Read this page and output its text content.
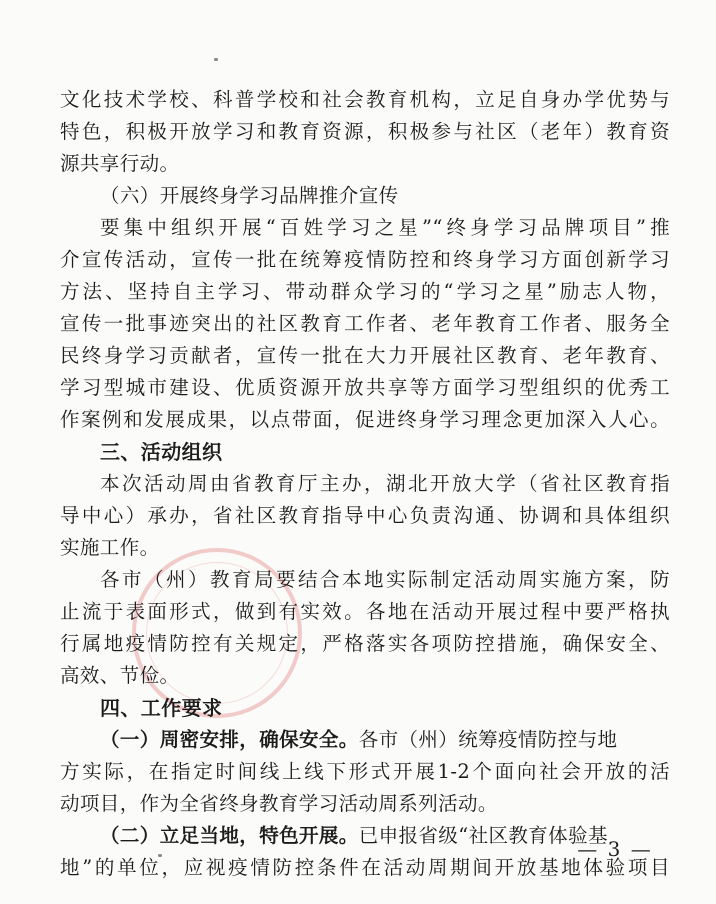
文化技术学校、科普学校和社会教育机构，立足自身办学优势与
特色，积极开放学习和教育资源，积极参与社区（老年）教育资
源共享行动。
（六）开展终身学习品牌推介宣传
要集中组织开展“百姓学习之星”“终身学习品牌项目”推
介宣传活动，宣传一批在统筹疫情防控和终身学习方面创新学习
方法、坚持自主学习、带动群众学习的“学习之星”励志人物，
宣传一批事迹突出的社区教育工作者、老年教育工作者、服务全
民终身学习贡献者，宣传一批在大力开展社区教育、老年教育、
学习型城市建设、优质资源开放共享等方面学习型组织的优秀工
作案例和发展成果，以点带面，促进终身学习理念更加深入人心。
三、活动组织
本次活动周由省教育厅主办，湖北开放大学（省社区教育指
导中心）承办，省社区教育指导中心负责沟通、协调和具体组织
实施工作。
各市（州）教育局要结合本地实际制定活动周实施方案，防
止流于表面形式，做到有实效。各地在活动开展过程中要严格执
行属地疫情防控有关规定，严格落实各项防控措施，确保安全、
高效、节俭。
四、工作要求
（一）周密安排，确保安全。各市（州）统筹疫情防控与地
方实际，在指定时间线上线下形式开展1-2个面向社会开放的活
动项目，作为全省终身教育学习活动周系列活动。
（二）立足当地，特色开展。已申报省级“社区教育体验基
地”的单位，应视疫情防控条件在活动周期间开放基地体验项目
— 3 —
